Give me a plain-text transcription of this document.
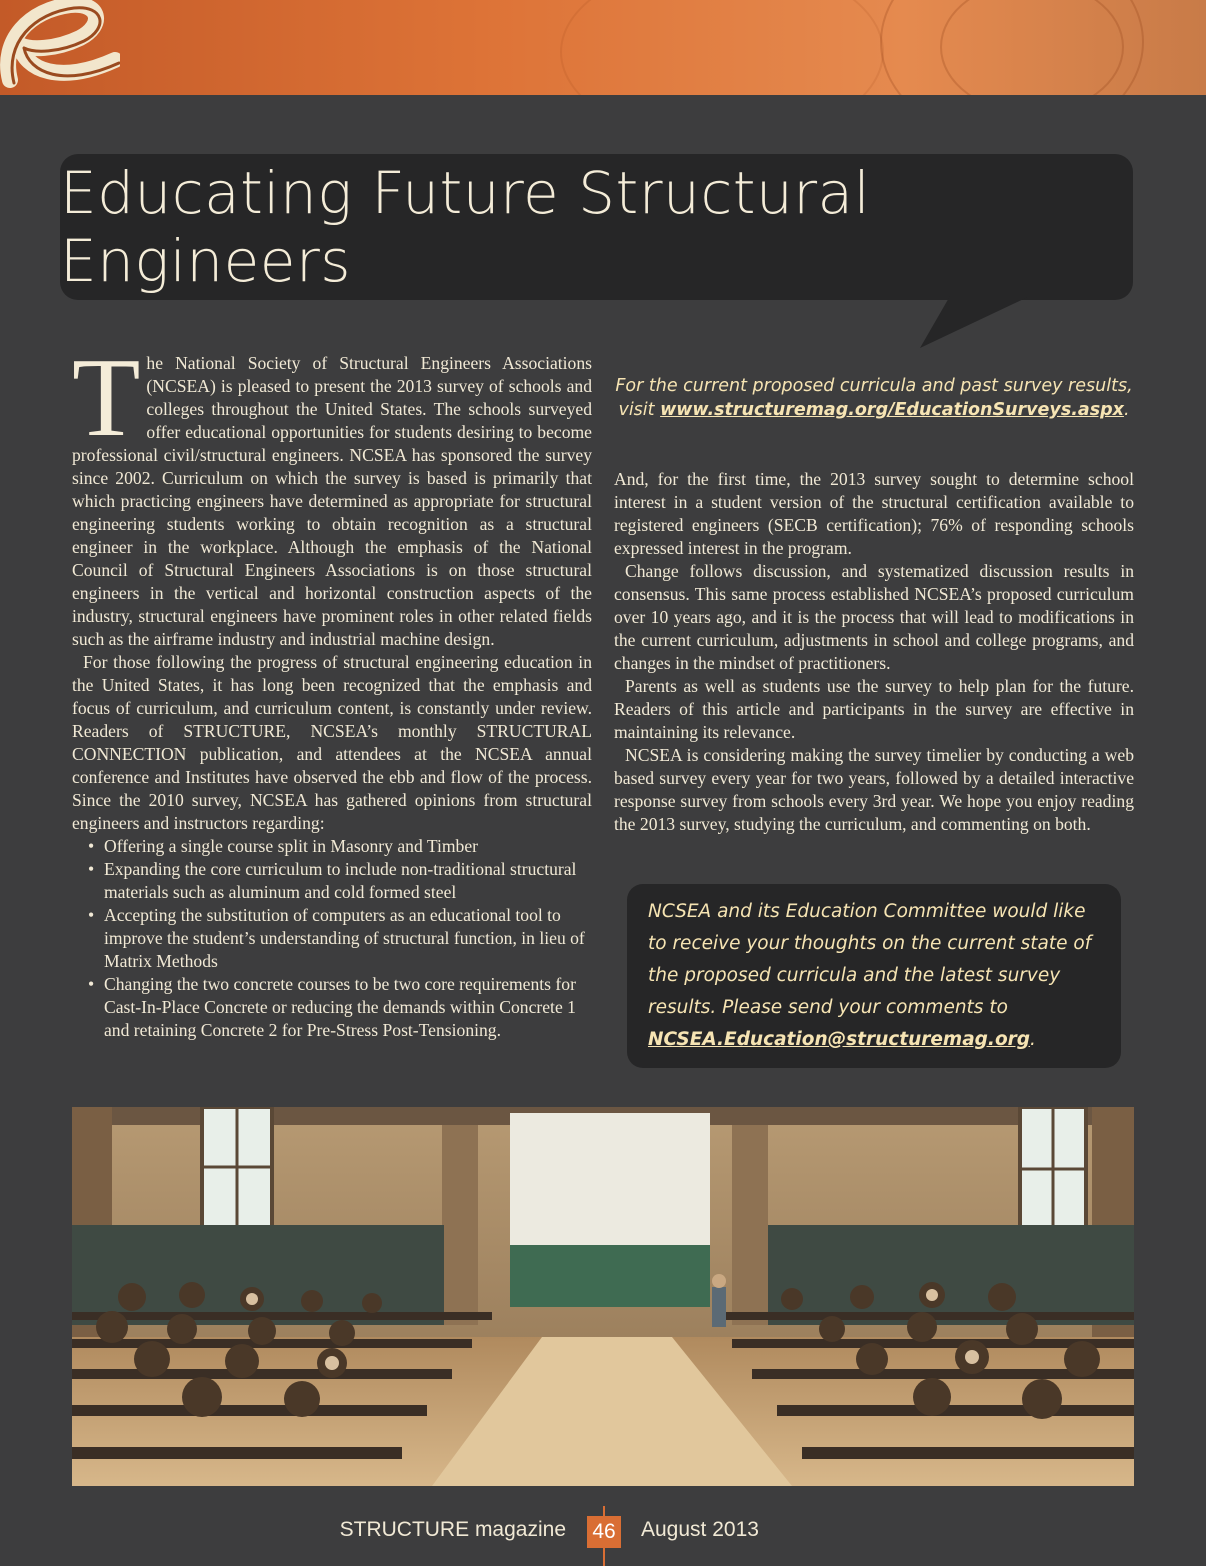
Educating Future Structural Engineers

The National Society of Structural Engineers Associations (NCSEA) is pleased to present the 2013 survey of schools and colleges throughout the United States. The schools surveyed offer educational opportunities for students desiring to become professional civil/structural engineers. NCSEA has sponsored the survey since 2002. Curriculum on which the survey is based is primarily that which practicing engineers have determined as appropriate for structural engineering students working to obtain recognition as a structural engineer in the workplace. Although the emphasis of the National Council of Structural Engineers Associations is on those structural engineers in the vertical and horizontal construction aspects of the industry, structural engineers have prominent roles in other related fields such as the airframe industry and industrial machine design.

For those following the progress of structural engineering education in the United States, it has long been recognized that the emphasis and focus of curriculum, and curriculum content, is constantly under review. Readers of STRUCTURE, NCSEA’s monthly STRUCTURAL CONNECTION publication, and attendees at the NCSEA annual conference and Institutes have observed the ebb and flow of the process. Since the 2010 survey, NCSEA has gathered opinions from structural engineers and instructors regarding:

• Offering a single course split in Masonry and Timber
• Expanding the core curriculum to include non-traditional structural materials such as aluminum and cold formed steel
• Accepting the substitution of computers as an educational tool to improve the student’s understanding of structural function, in lieu of Matrix Methods
• Changing the two concrete courses to be two core requirements for Cast-In-Place Concrete or reducing the demands within Concrete 1 and retaining Concrete 2 for Pre-Stress Post-Tensioning.
For the current proposed curricula and past survey results, visit www.structuremag.org/EducationSurveys.aspx.

And, for the first time, the 2013 survey sought to determine school interest in a student version of the structural certification available to registered engineers (SECB certification); 76% of responding schools expressed interest in the program.

Change follows discussion, and systematized discussion results in consensus. This same process established NCSEA’s proposed curriculum over 10 years ago, and it is the process that will lead to modifications in the current curriculum, adjustments in school and college programs, and changes in the mindset of practitioners.

Parents as well as students use the survey to help plan for the future. Readers of this article and participants in the survey are effective in maintaining its relevance.

NCSEA is considering making the survey timelier by conducting a web based survey every year for two years, followed by a detailed interactive response survey from schools every 3rd year. We hope you enjoy reading the 2013 survey, studying the curriculum, and commenting on both.

NCSEA and its Education Committee would like to receive your thoughts on the current state of the proposed curricula and the latest survey results. Please send your comments to NCSEA.Education@structuremag.org.
STRUCTURE magazine 46 August 2013
